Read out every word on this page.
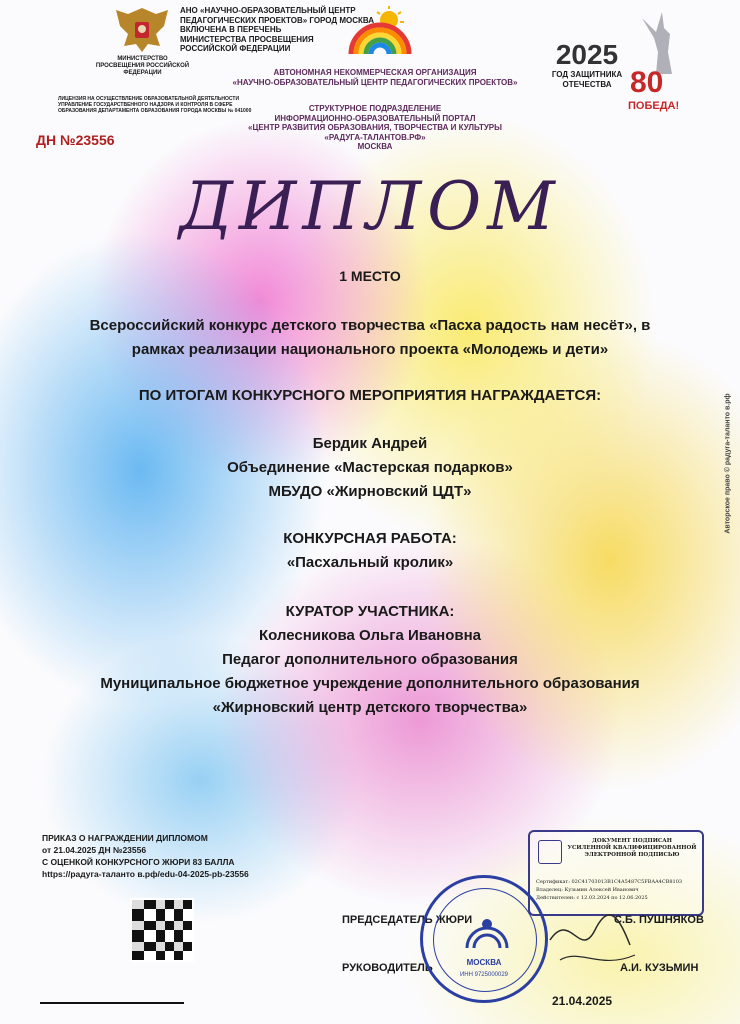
МИНИСТЕРСТВО ПРОСВЕЩЕНИЯ РОССИЙСКОЙ ФЕДЕРАЦИИ
АНО «НАУЧНО-ОБРАЗОВАТЕЛЬНЫЙ ЦЕНТР
ПЕДАГОГИЧЕСКИХ ПРОЕКТОВ» ГОРОД МОСКВА
ВКЛЮЧЕНА В ПЕРЕЧЕНЬ
МИНИСТЕРСТВА ПРОСВЕЩЕНИЯ
РОССИЙСКОЙ ФЕДЕРАЦИИ	2025
ГОД ЗАЩИТНИКА
ОТЕЧЕСТВА 80
ПОБЕДА!
ЛИЦЕНЗИЯ НА ОСУЩЕСТВЛЕНИЕ ОБРАЗОВАТЕЛЬНОЙ ДЕЯТЕЛЬНОСТИ
УПРАВЛЕНИЕ ГОСУДАРСТВЕННОГО НАДЗОРА И КОНТРОЛЯ В СФЕРЕ
ОБРАЗОВАНИЯ ДЕПАРТАМЕНТА ОБРАЗОВАНИЯ ГОРОДА МОСКВЫ № 041000
АВТОНОМНАЯ НЕКОММЕРЧЕСКАЯ ОРГАНИЗАЦИЯ
«НАУЧНО-ОБРАЗОВАТЕЛЬНЫЙ ЦЕНТР ПЕДАГОГИЧЕСКИХ ПРОЕКТОВ»
СТРУКТУРНОЕ ПОДРАЗДЕЛЕНИЕ
ИНФОРМАЦИОННО-ОБРАЗОВАТЕЛЬНЫЙ ПОРТАЛ
«ЦЕНТР РАЗВИТИЯ ОБРАЗОВАНИЯ, ТВОРЧЕСТВА И КУЛЬТУРЫ
«РАДУГА-ТАЛАНТОВ.РФ»
МОСКВА
ДН №23556
ДИПЛОМ
1 МЕСТО
Всероссийский конкурс детского творчества «Пасха радость нам несёт», в
рамках реализации национального проекта «Молодежь и дети»
ПО ИТОГАМ КОНКУРСНОГО МЕРОПРИЯТИЯ НАГРАЖДАЕТСЯ:
Бердик Андрей
Объединение «Мастерская подарков»
МБУДО «Жирновский ЦДТ»
КОНКУРСНАЯ РАБОТА:
«Пасхальный кролик»
КУРАТОР УЧАСТНИКА:
Колесникова Ольга Ивановна
Педагог дополнительного образования
Муниципальное бюджетное учреждение дополнительного образования
«Жирновский центр детского творчества»
ПРИКАЗ О НАГРАЖДЕНИИ ДИПЛОМОМ
от 21.04.2025 ДН №23556
С ОЦЕНКОЙ КОНКУРСНОГО ЖЮРИ 83 БАЛЛА
https://радуга-таланто в.рф/edu-04-2025-pb-23556
ДОКУМЕНТ ПОДПИСАН
УСИЛЕННОЙ КВАЛИФИЦИРОВАННОЙ
ЭЛЕКТРОННОЙ ПОДПИСЬЮ
Сертификат: 02C41703013B1C4A5487C5FBAA4CB8103
Владелец: Кузьмин Алексей Иванович
Действителен: с 12.03.2024 по 12.06.2025
ПРЕДСЕДАТЕЛЬ ЖЮРИ	С.Б. ПУШНЯКОВ
РУКОВОДИТЕЛЬ	А.И. КУЗЬМИН
МОСКВА
ИНН 9725000029
21.04.2025
Авторское право © радуга-таланто в.рф
